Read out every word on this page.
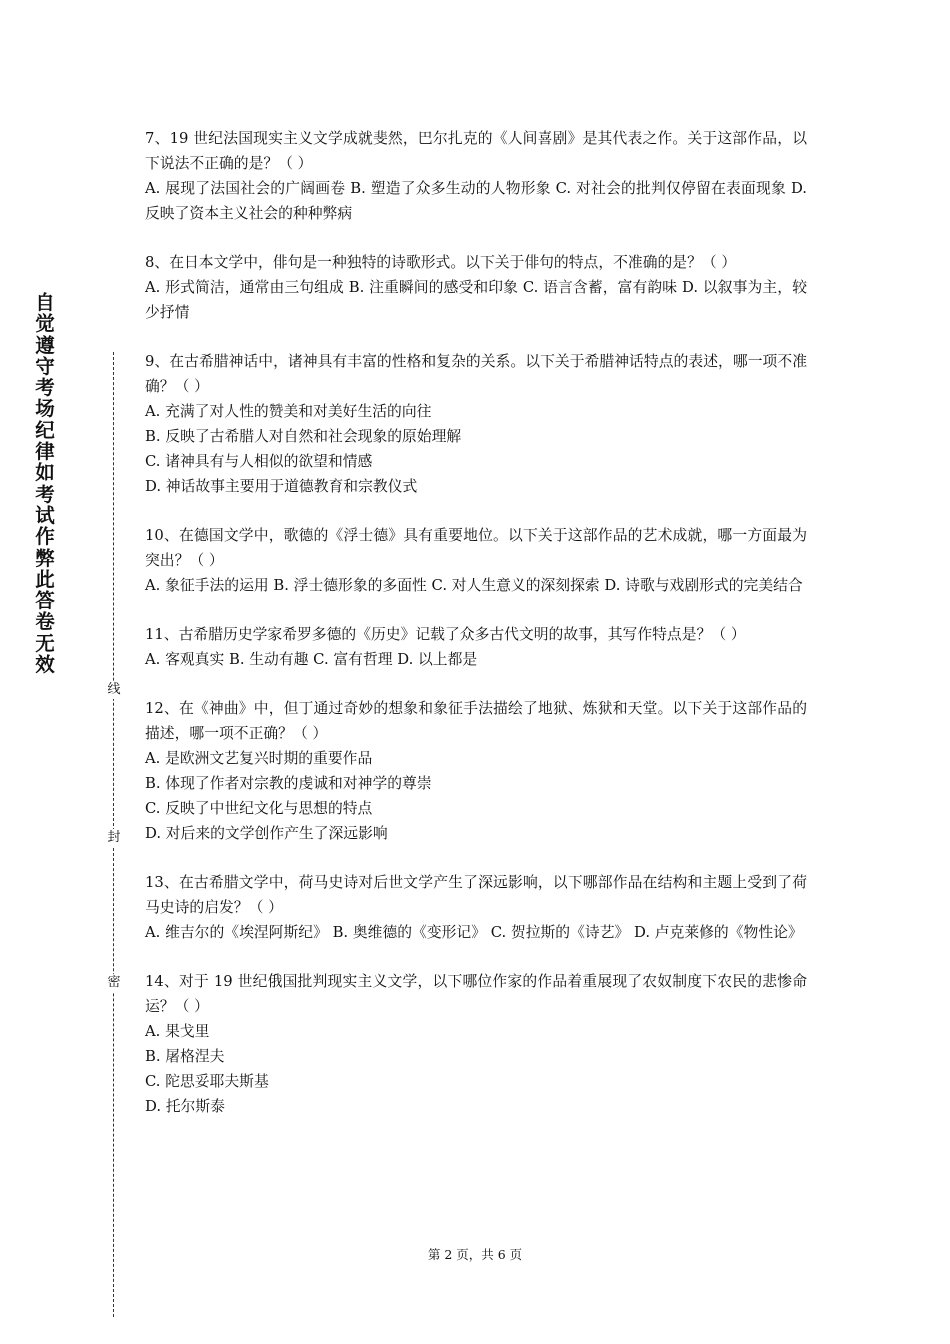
自觉遵守考场纪律如考试作弊此答卷无效
线
封
密

7、19 世纪法国现实主义文学成就斐然，巴尔扎克的《人间喜剧》是其代表之作。关于这部作品，以下说法不正确的是？（ ）

A. 展现了法国社会的广阔画卷 B. 塑造了众多生动的人物形象 C. 对社会的批判仅停留在表面现象 D. 反映了资本主义社会的种种弊病

8、在日本文学中，俳句是一种独特的诗歌形式。以下关于俳句的特点，不准确的是？（ ）

A. 形式简洁，通常由三句组成 B. 注重瞬间的感受和印象 C. 语言含蓄，富有韵味 D. 以叙事为主，较少抒情

9、在古希腊神话中，诸神具有丰富的性格和复杂的关系。以下关于希腊神话特点的表述，哪一项不准确？（ ）

A. 充满了对人性的赞美和对美好生活的向往

B. 反映了古希腊人对自然和社会现象的原始理解

C. 诸神具有与人相似的欲望和情感

D. 神话故事主要用于道德教育和宗教仪式

10、在德国文学中，歌德的《浮士德》具有重要地位。以下关于这部作品的艺术成就，哪一方面最为突出？（ ）

A. 象征手法的运用 B. 浮士德形象的多面性 C. 对人生意义的深刻探索 D. 诗歌与戏剧形式的完美结合

11、古希腊历史学家希罗多德的《历史》记载了众多古代文明的故事，其写作特点是？（ ）

A. 客观真实 B. 生动有趣 C. 富有哲理 D. 以上都是

12、在《神曲》中，但丁通过奇妙的想象和象征手法描绘了地狱、炼狱和天堂。以下关于这部作品的描述，哪一项不正确？（ ）

A. 是欧洲文艺复兴时期的重要作品

B. 体现了作者对宗教的虔诚和对神学的尊崇

C. 反映了中世纪文化与思想的特点

D. 对后来的文学创作产生了深远影响

13、在古希腊文学中，荷马史诗对后世文学产生了深远影响，以下哪部作品在结构和主题上受到了荷马史诗的启发？（ ）

A. 维吉尔的《埃涅阿斯纪》 B. 奥维德的《变形记》 C. 贺拉斯的《诗艺》 D. 卢克莱修的《物性论》

14、对于 19 世纪俄国批判现实主义文学，以下哪位作家的作品着重展现了农奴制度下农民的悲惨命运？（ ）

A. 果戈里

B. 屠格涅夫

C. 陀思妥耶夫斯基

D. 托尔斯泰

第 2 页，共 6 页
